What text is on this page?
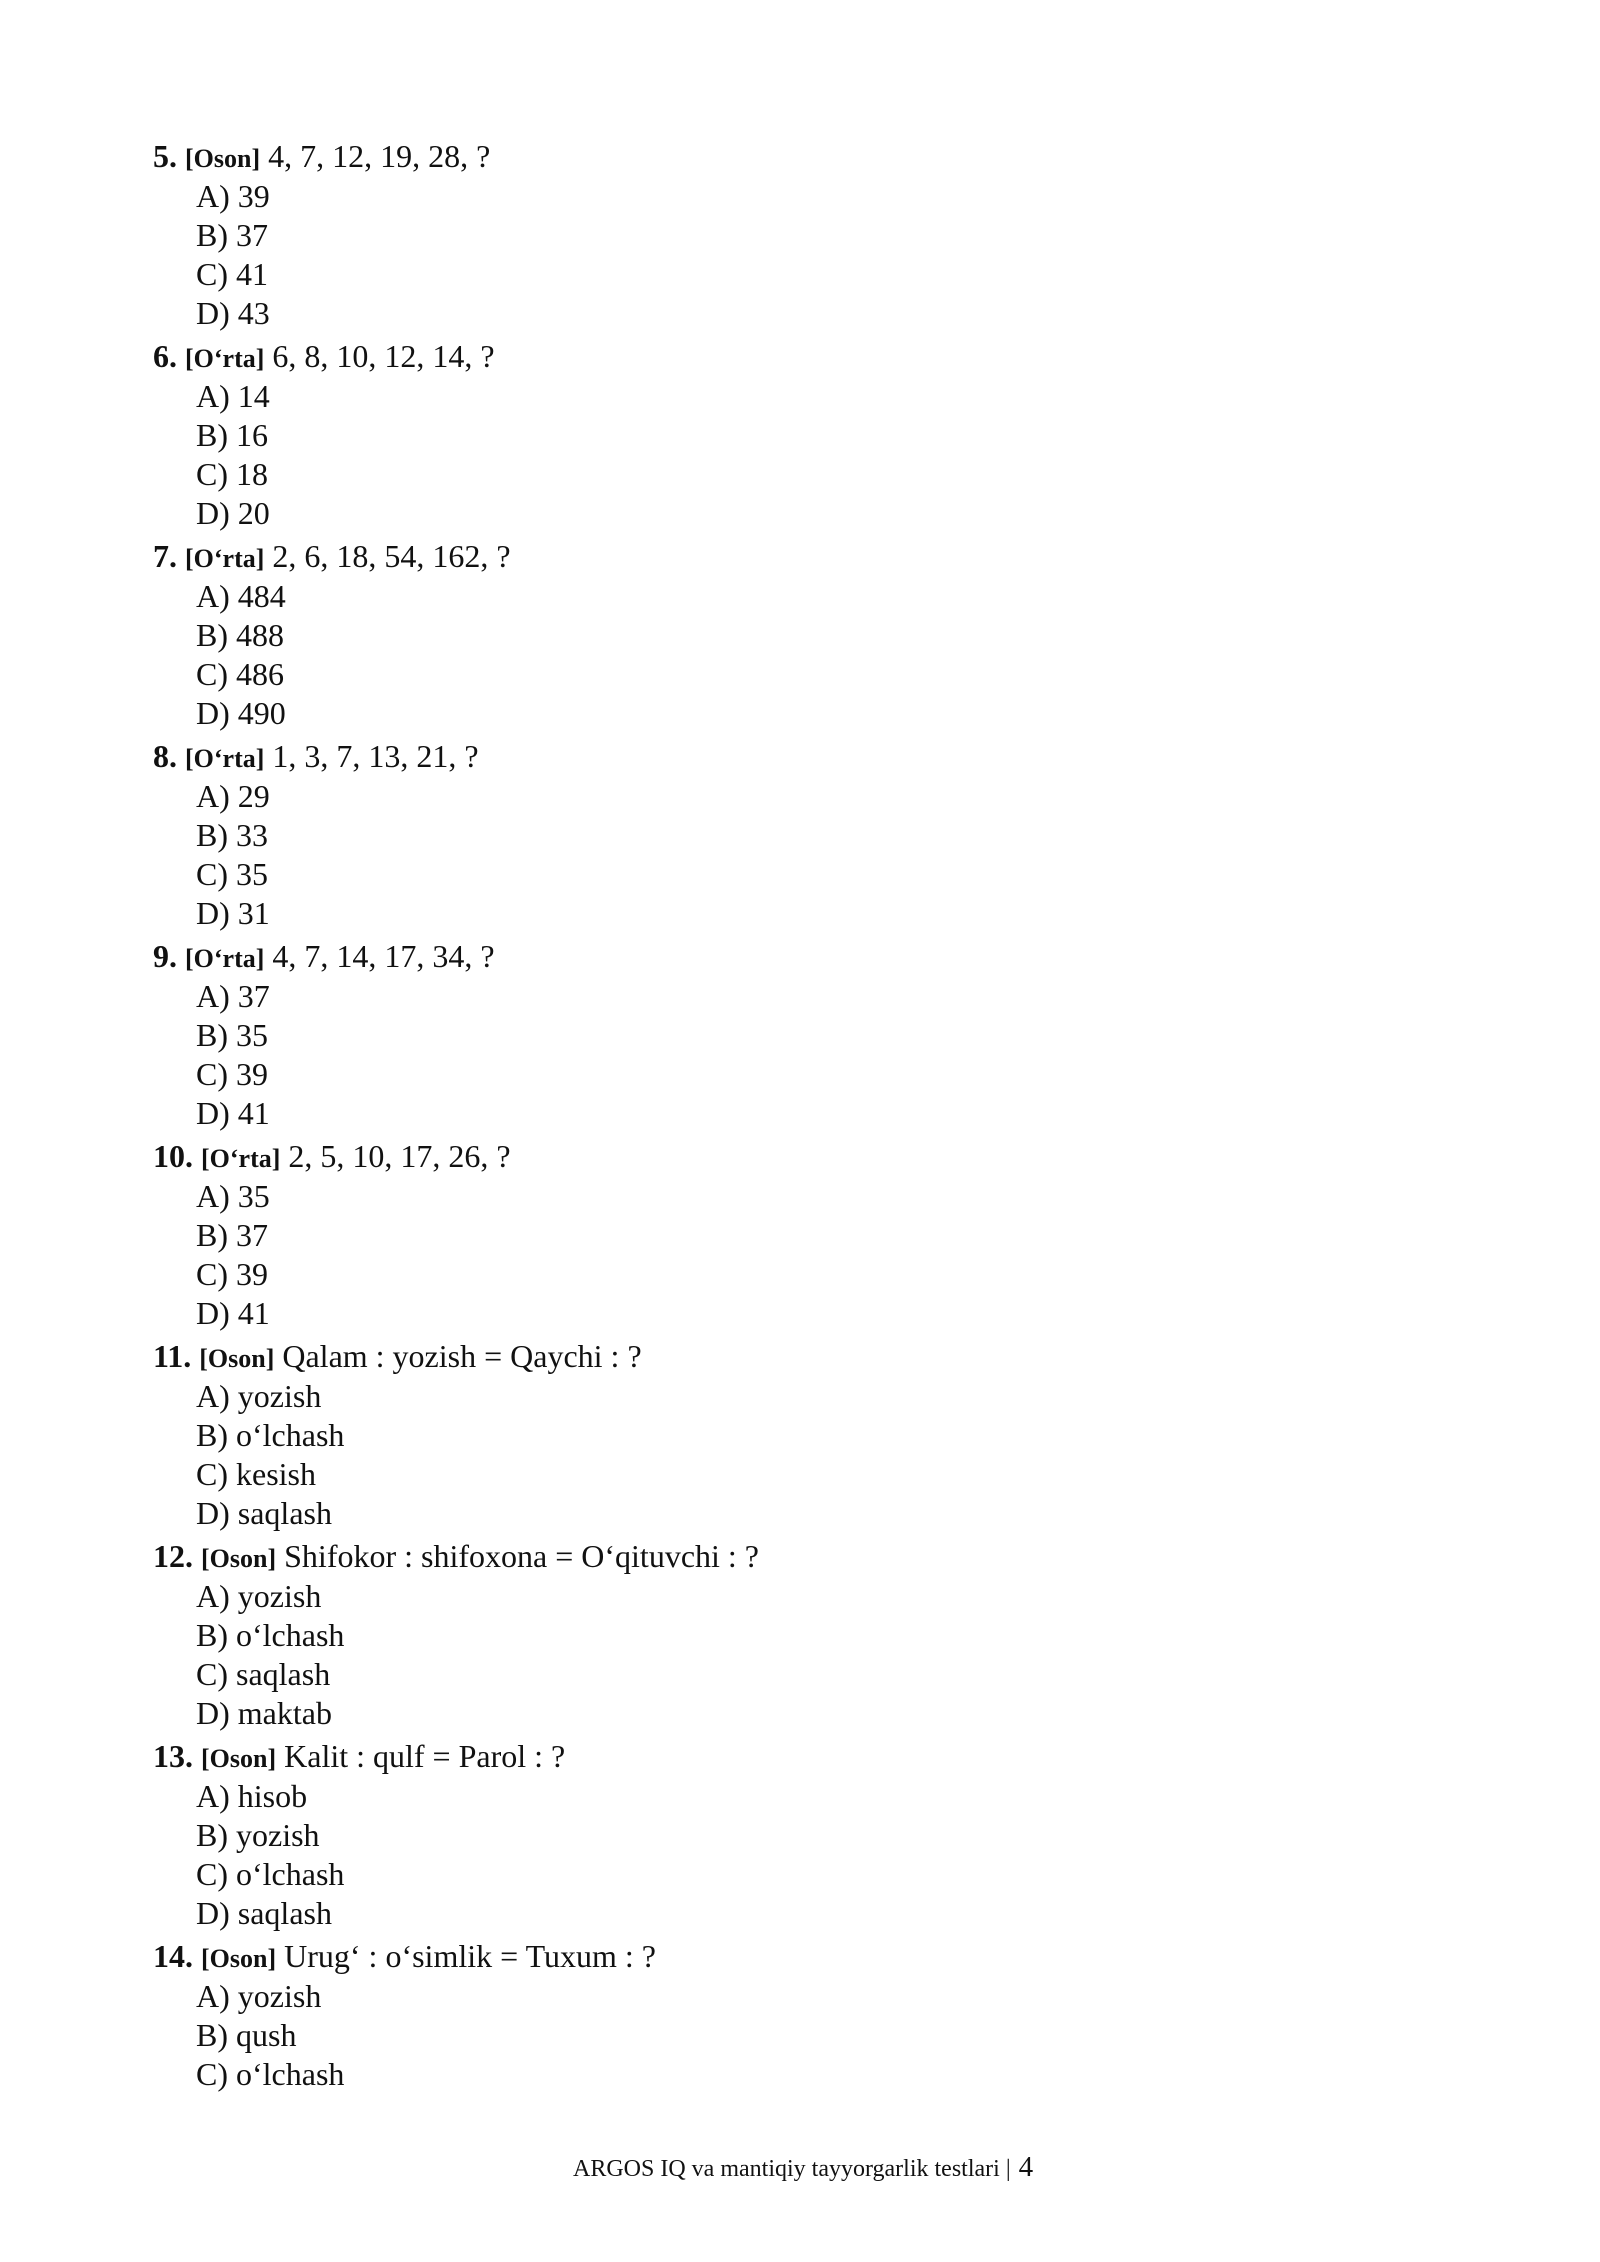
5. [Oson] 4, 7, 12, 19, 28, ?
A) 39
B) 37
C) 41
D) 43
6. [O‘rta] 6, 8, 10, 12, 14, ?
A) 14
B) 16
C) 18
D) 20
7. [O‘rta] 2, 6, 18, 54, 162, ?
A) 484
B) 488
C) 486
D) 490
8. [O‘rta] 1, 3, 7, 13, 21, ?
A) 29
B) 33
C) 35
D) 31
9. [O‘rta] 4, 7, 14, 17, 34, ?
A) 37
B) 35
C) 39
D) 41
10. [O‘rta] 2, 5, 10, 17, 26, ?
A) 35
B) 37
C) 39
D) 41
11. [Oson] Qalam : yozish = Qaychi : ?
A) yozish
B) o‘lchash
C) kesish
D) saqlash
12. [Oson] Shifokor : shifoxona = O‘qituvchi : ?
A) yozish
B) o‘lchash
C) saqlash
D) maktab
13. [Oson] Kalit : qulf = Parol : ?
A) hisob
B) yozish
C) o‘lchash
D) saqlash
14. [Oson] Urug‘ : o‘simlik = Tuxum : ?
A) yozish
B) qush
C) o‘lchash
ARGOS IQ va mantiqiy tayyorgarlik testlari | 4
